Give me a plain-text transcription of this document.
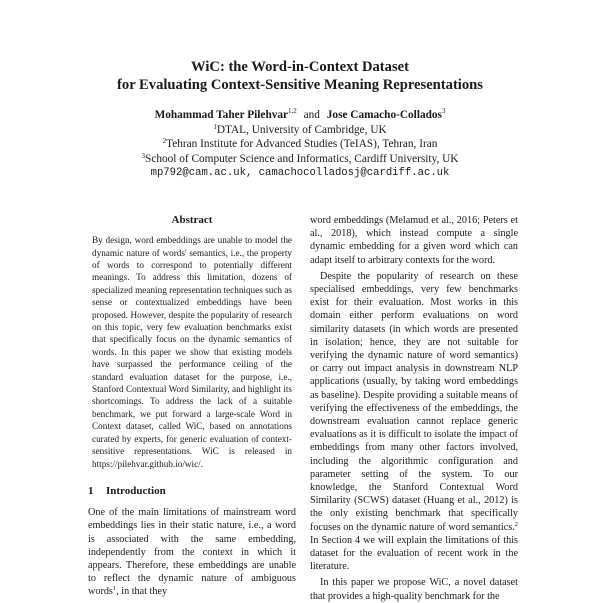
WiC: the Word-in-Context Dataset
for Evaluating Context-Sensitive Meaning Representations
Mohammad Taher Pilehvar$^{1,2}$ and Jose Camacho-Collados$^3$
$^1$DTAL, University of Cambridge, UK
$^2$Tehran Institute for Advanced Studies (TeIAS), Tehran, Iran
$^3$School of Computer Science and Informatics, Cardiff University, UK
mp792@cam.ac.uk, camachocolladosj@cardiff.ac.uk
Abstract

By design, word embeddings are unable to model the dynamic nature of words' semantics, i.e., the property of words to correspond to potentially different meanings. To address this limitation, dozens of specialized meaning representation techniques such as sense or contextualized embeddings have been proposed. However, despite the popularity of research on this topic, very few evaluation benchmarks exist that specifically focus on the dynamic semantics of words. In this paper we show that existing models have surpassed the performance ceiling of the standard evaluation dataset for the purpose, i.e., Stanford Contextual Word Similarity, and highlight its shortcomings. To address the lack of a suitable benchmark, we put forward a large-scale Word in Context dataset, called WiC, based on annotations curated by experts, for generic evaluation of context-sensitive representations. WiC is released in https://pilehvar.github.io/wic/.

1 Introduction

One of the main limitations of mainstream word embeddings lies in their static nature, i.e., a word is associated with the same embedding, independently from the context in which it appears. Therefore, these embeddings are unable to reflect the dynamic nature of ambiguous words$^1$, in that they

word embeddings (Melamud et al., 2016; Peters et al., 2018), which instead compute a single dynamic embedding for a given word which can adapt itself to arbitrary contexts for the word.

Despite the popularity of research on these specialised embeddings, very few benchmarks exist for their evaluation. Most works in this domain either perform evaluations on word similarity datasets (in which words are presented in isolation; hence, they are not suitable for verifying the dynamic nature of word semantics) or carry out impact analysis in downstream NLP applications (usually, by taking word embeddings as baseline). Despite providing a suitable means of verifying the effectiveness of the embeddings, the downstream evaluation cannot replace generic evaluations as it is difficult to isolate the impact of embeddings from many other factors involved, including the algorithmic configuration and parameter setting of the system. To our knowledge, the Stanford Contextual Word Similarity (SCWS) dataset (Huang et al., 2012) is the only existing benchmark that specifically focuses on the dynamic nature of word semantics.$^2$ In Section 4 we will explain the limitations of this dataset for the evaluation of recent work in the literature.

In this paper we propose WiC, a novel dataset that provides a high-quality benchmark for the
